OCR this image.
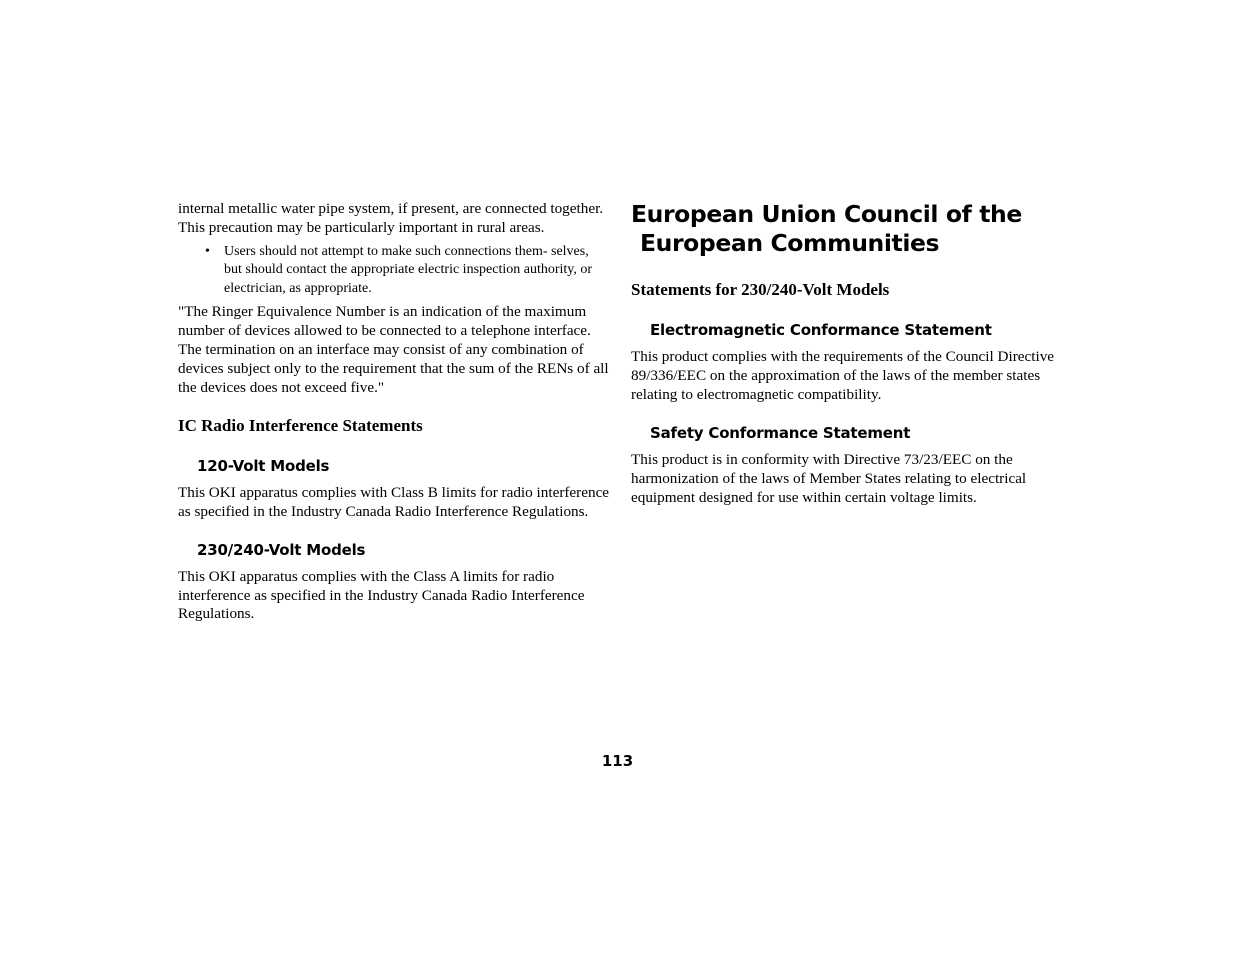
internal metallic water pipe system, if present, are connected together. This precaution may be particularly important in rural areas.

• Users should not attempt to make such connections them- selves, but should contact the appropriate electric inspection authority, or electrician, as appropriate.

"The Ringer Equivalence Number is an indication of the maximum number of devices allowed to be connected to a telephone interface. The termination on an interface may consist of any combination of devices subject only to the requirement that the sum of the RENs of all the devices does not exceed five."

IC Radio Interference Statements
120-Volt Models

This OKI apparatus complies with Class B limits for radio interference as specified in the Industry Canada Radio Interference Regulations.

230/240-Volt Models

This OKI apparatus complies with the Class A limits for radio interference as specified in the Industry Canada Radio Interference Regulations.

European Union Council of the
European Communities
Statements for 230/240-Volt Models
Electromagnetic Conformance Statement

This product complies with the requirements of the Council Directive 89/336/EEC on the approximation of the laws of the member states relating to electromagnetic compatibility.

Safety Conformance Statement

This product is in conformity with Directive 73/23/EEC on the harmonization of the laws of Member States relating to electrical equipment designed for use within certain voltage limits.

113
